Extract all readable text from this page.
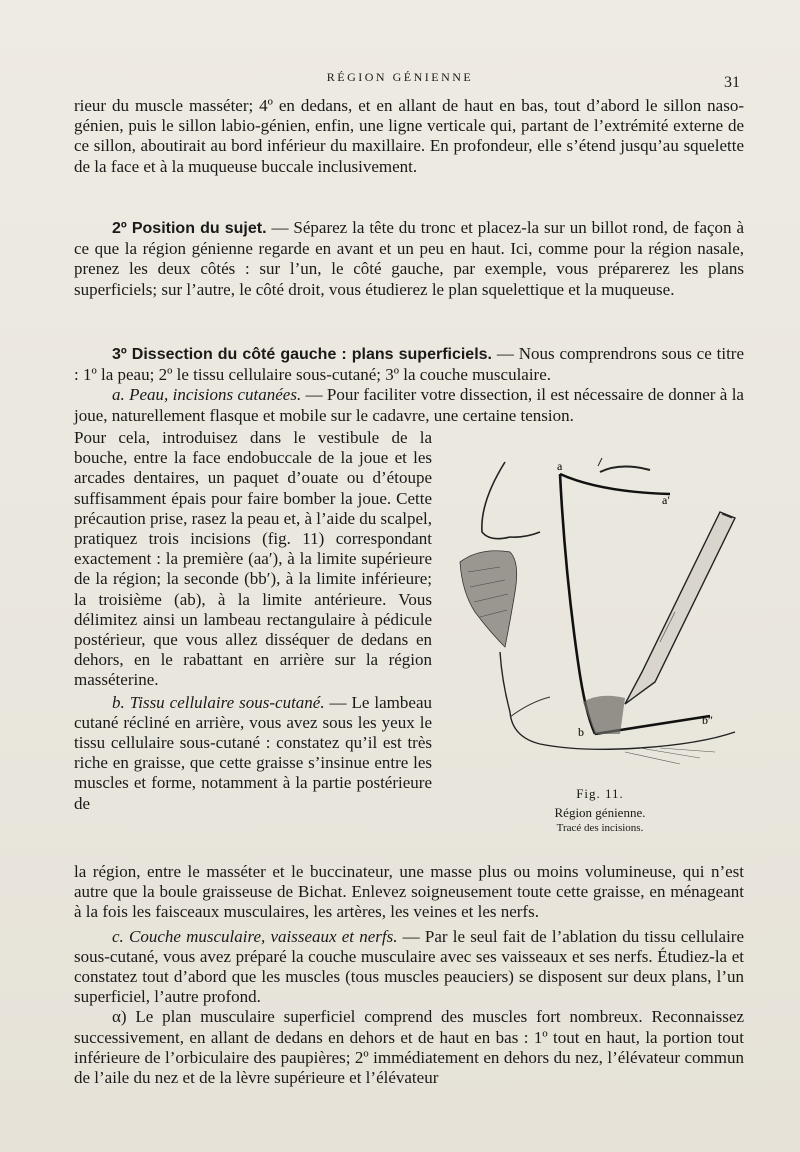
RÉGION GÉNIENNE	31

rieur du muscle masséter; 4º en dedans, et en allant de haut en bas, tout d’abord le sillon naso-génien, puis le sillon labio-génien, enfin, une ligne verticale qui, partant de l’extrémité externe de ce sillon, aboutirait au bord inférieur du maxillaire. En profondeur, elle s’étend jusqu’au squelette de la face et à la muqueuse buccale inclusivement.

2º Position du sujet. — Séparez la tête du tronc et placez-la sur un billot rond, de façon à ce que la région génienne regarde en avant et un peu en haut. Ici, comme pour la région nasale, prenez les deux côtés : sur l’un, le côté gauche, par exemple, vous préparerez les plans superficiels; sur l’autre, le côté droit, vous étudierez le plan squelettique et la muqueuse.

3º Dissection du côté gauche : plans superficiels. — Nous comprendrons sous ce titre : 1º la peau; 2º le tissu cellulaire sous-cutané; 3º la couche musculaire.

a. Peau, incisions cutanées. — Pour faciliter votre dissection, il est nécessaire de donner à la joue, naturellement flasque et mobile sur le cadavre, une certaine tension.

Pour cela, introduisez dans le vestibule de la bouche, entre la face endobuccale de la joue et les arcades dentaires, un paquet d’ouate ou d’étoupe suffisamment épais pour faire bomber la joue. Cette précaution prise, rasez la peau et, à l’aide du scalpel, pratiquez trois incisions (fig. 11) correspondant exactement : la première (aa′), à la limite supérieure de la région; la seconde (bb′), à la limite inférieure; la troisième (ab), à la limite antérieure. Vous délimitez ainsi un lambeau rectangulaire à pédicule postérieur, que vous allez disséquer de dedans en dehors, en le rabattant en arrière sur la région masséterine.

b. Tissu cellulaire sous-cutané. — Le lambeau cutané récliné en arrière, vous avez sous les yeux le tissu cellulaire sous-cutané : constatez qu’il est très riche en graisse, que cette graisse s’insinue entre les muscles et forme, notamment à la partie postérieure de

la région, entre le masséter et le buccinateur, une masse plus ou moins volumineuse, qui n’est autre que la boule graisseuse de Bichat. Enlevez soigneusement toute cette graisse, en ménageant à la fois les faisceaux musculaires, les artères, les veines et les nerfs.

c. Couche musculaire, vaisseaux et nerfs. — Par le seul fait de l’ablation du tissu cellulaire sous-cutané, vous avez préparé la couche musculaire avec ses vaisseaux et ses nerfs. Étudiez-la et constatez tout d’abord que les muscles (tous muscles peauciers) se disposent sur deux plans, l’un superficiel, l’autre profond.

α) Le plan musculaire superficiel comprend des muscles fort nombreux. Reconnaissez successivement, en allant de dedans en dehors et de haut en bas : 1º tout en haut, la portion tout inférieure de l’orbiculaire des paupières; 2º immédiatement en dehors du nez, l’élévateur commun de l’aile du nez et de la lèvre supérieure et l’élévateur

a
a′
b
b″
Fig. 11.
Région génienne.
Tracé des incisions.
